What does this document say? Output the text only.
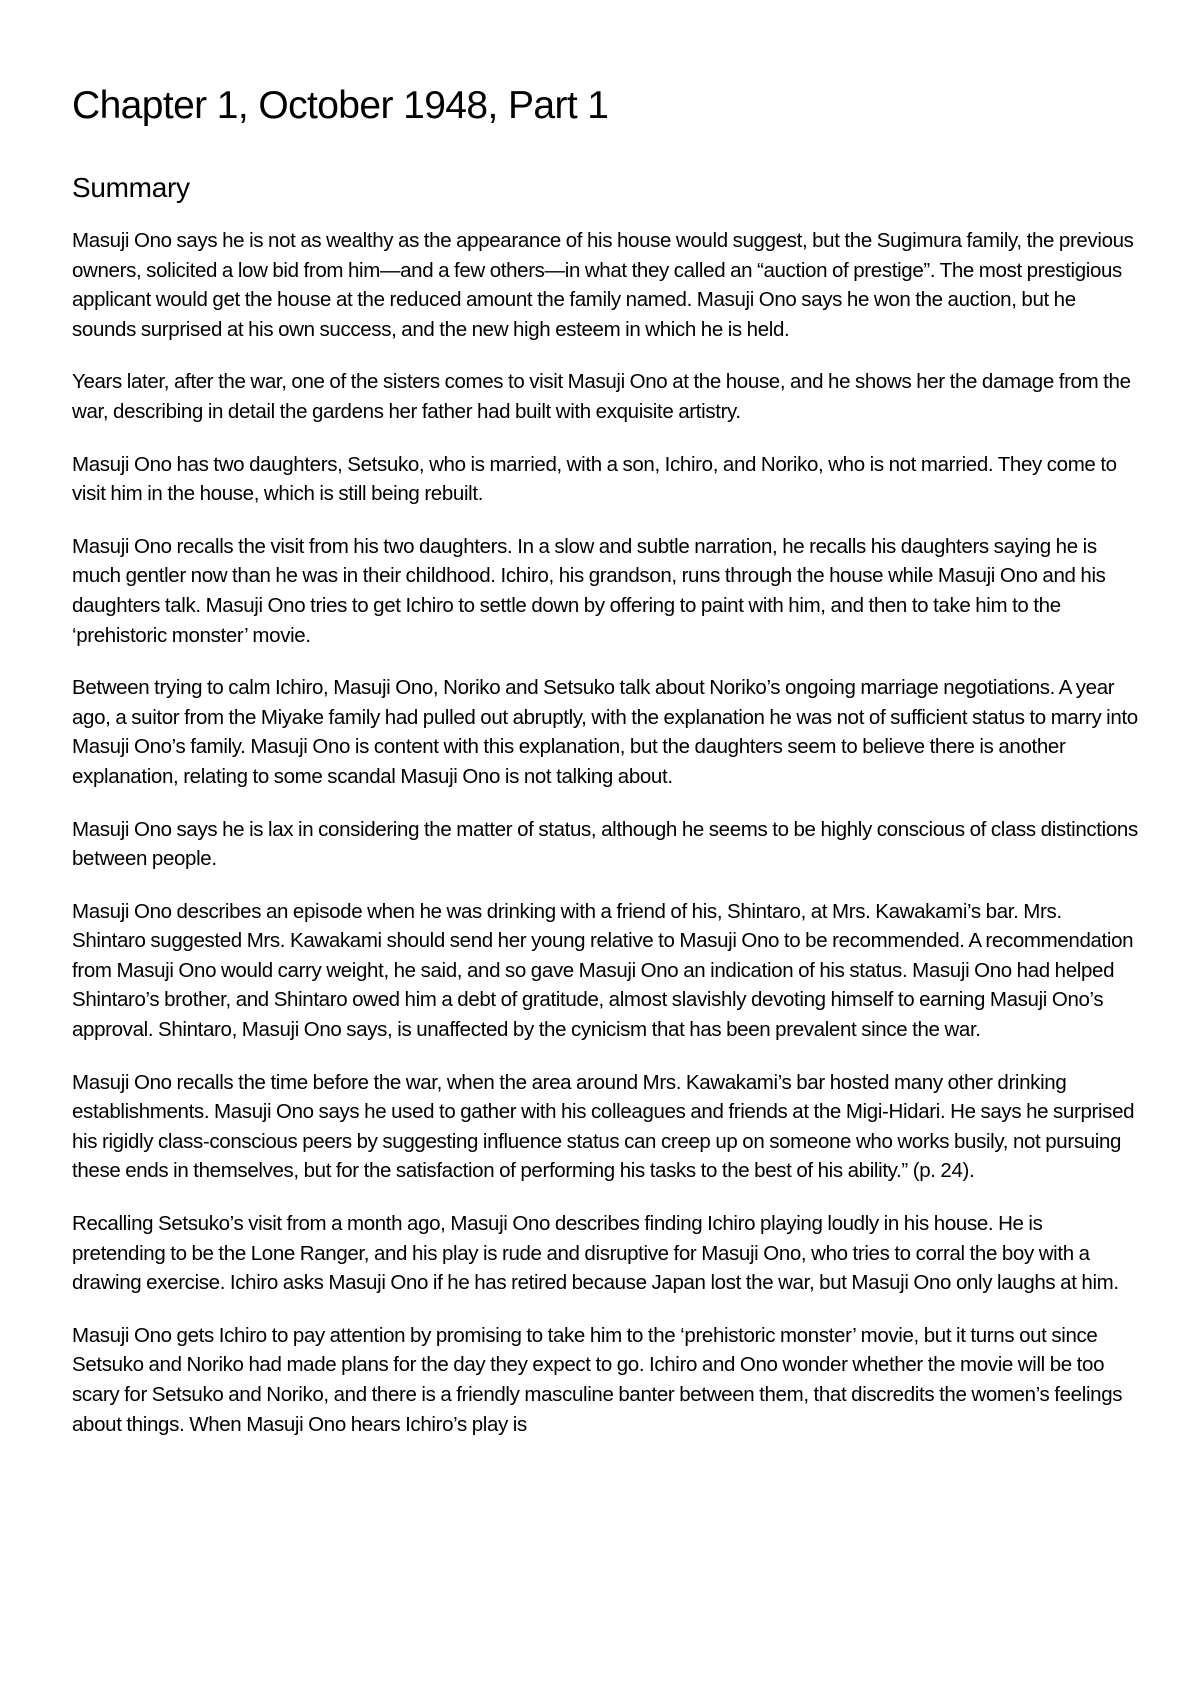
Chapter 1, October 1948, Part 1
Summary

Masuji Ono says he is not as wealthy as the appearance of his house would suggest, but the Sugimura family, the previous owners, solicited a low bid from him—and a few others—in what they called an “auction of prestige”. The most prestigious applicant would get the house at the reduced amount the family named. Masuji Ono says he won the auction, but he sounds surprised at his own success, and the new high esteem in which he is held.

Years later, after the war, one of the sisters comes to visit Masuji Ono at the house, and he shows her the damage from the war, describing in detail the gardens her father had built with exquisite artistry.

Masuji Ono has two daughters, Setsuko, who is married, with a son, Ichiro, and Noriko, who is not married. They come to visit him in the house, which is still being rebuilt.

Masuji Ono recalls the visit from his two daughters. In a slow and subtle narration, he recalls his daughters saying he is much gentler now than he was in their childhood. Ichiro, his grandson, runs through the house while Masuji Ono and his daughters talk. Masuji Ono tries to get Ichiro to settle down by offering to paint with him, and then to take him to the ‘prehistoric monster’ movie.

Between trying to calm Ichiro, Masuji Ono, Noriko and Setsuko talk about Noriko’s ongoing marriage negotiations. A year ago, a suitor from the Miyake family had pulled out abruptly, with the explanation he was not of sufficient status to marry into Masuji Ono’s family. Masuji Ono is content with this explanation, but the daughters seem to believe there is another explanation, relating to some scandal Masuji Ono is not talking about.

Masuji Ono says he is lax in considering the matter of status, although he seems to be highly conscious of class distinctions between people.

Masuji Ono describes an episode when he was drinking with a friend of his, Shintaro, at Mrs. Kawakami’s bar. Mrs. Shintaro suggested Mrs. Kawakami should send her young relative to Masuji Ono to be recommended. A recommendation from Masuji Ono would carry weight, he said, and so gave Masuji Ono an indication of his status. Masuji Ono had helped Shintaro’s brother, and Shintaro owed him a debt of gratitude, almost slavishly devoting himself to earning Masuji Ono’s approval. Shintaro, Masuji Ono says, is unaffected by the cynicism that has been prevalent since the war.

Masuji Ono recalls the time before the war, when the area around Mrs. Kawakami’s bar hosted many other drinking establishments. Masuji Ono says he used to gather with his colleagues and friends at the Migi-Hidari. He says he surprised his rigidly class-conscious peers by suggesting influence status can creep up on someone who works busily, not pursuing these ends in themselves, but for the satisfaction of performing his tasks to the best of his ability.” (p. 24).

Recalling Setsuko’s visit from a month ago, Masuji Ono describes finding Ichiro playing loudly in his house. He is pretending to be the Lone Ranger, and his play is rude and disruptive for Masuji Ono, who tries to corral the boy with a drawing exercise. Ichiro asks Masuji Ono if he has retired because Japan lost the war, but Masuji Ono only laughs at him.

Masuji Ono gets Ichiro to pay attention by promising to take him to the ‘prehistoric monster’ movie, but it turns out since Setsuko and Noriko had made plans for the day they expect to go. Ichiro and Ono wonder whether the movie will be too scary for Setsuko and Noriko, and there is a friendly masculine banter between them, that discredits the women’s feelings about things. When Masuji Ono hears Ichiro’s play is
